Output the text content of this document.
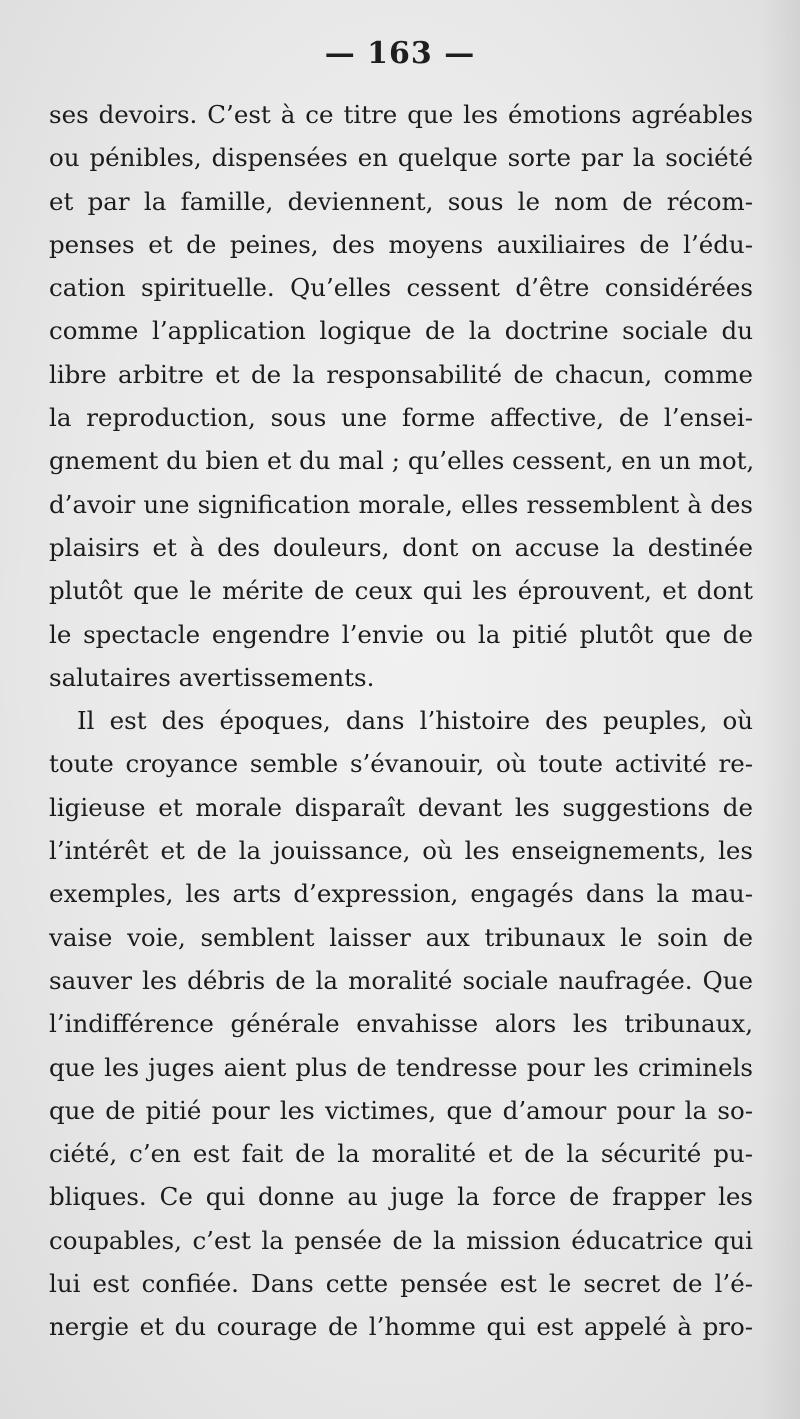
— 163 —
ses devoirs. C’est à ce titre que les émotions agréables
ou pénibles, dispensées en quelque sorte par la société
et par la famille, deviennent, sous le nom de récom-
penses et de peines, des moyens auxiliaires de l’édu-
cation spirituelle. Qu’elles cessent d’être considérées
comme l’application logique de la doctrine sociale du
libre arbitre et de la responsabilité de chacun, comme
la reproduction, sous une forme affective, de l’ensei-
gnement du bien et du mal ; qu’elles cessent, en un mot,
d’avoir une signification morale, elles ressemblent à des
plaisirs et à des douleurs, dont on accuse la destinée
plutôt que le mérite de ceux qui les éprouvent, et dont
le spectacle engendre l’envie ou la pitié plutôt que de
salutaires avertissements.
Il est des époques, dans l’histoire des peuples, où
toute croyance semble s’évanouir, où toute activité re-
ligieuse et morale disparaît devant les suggestions de
l’intérêt et de la jouissance, où les enseignements, les
exemples, les arts d’expression, engagés dans la mau-
vaise voie, semblent laisser aux tribunaux le soin de
sauver les débris de la moralité sociale naufragée. Que
l’indifférence générale envahisse alors les tribunaux,
que les juges aient plus de tendresse pour les criminels
que de pitié pour les victimes, que d’amour pour la so-
ciété, c’en est fait de la moralité et de la sécurité pu-
bliques. Ce qui donne au juge la force de frapper les
coupables, c’est la pensée de la mission éducatrice qui
lui est confiée. Dans cette pensée est le secret de l’é-
nergie et du courage de l’homme qui est appelé à pro-
